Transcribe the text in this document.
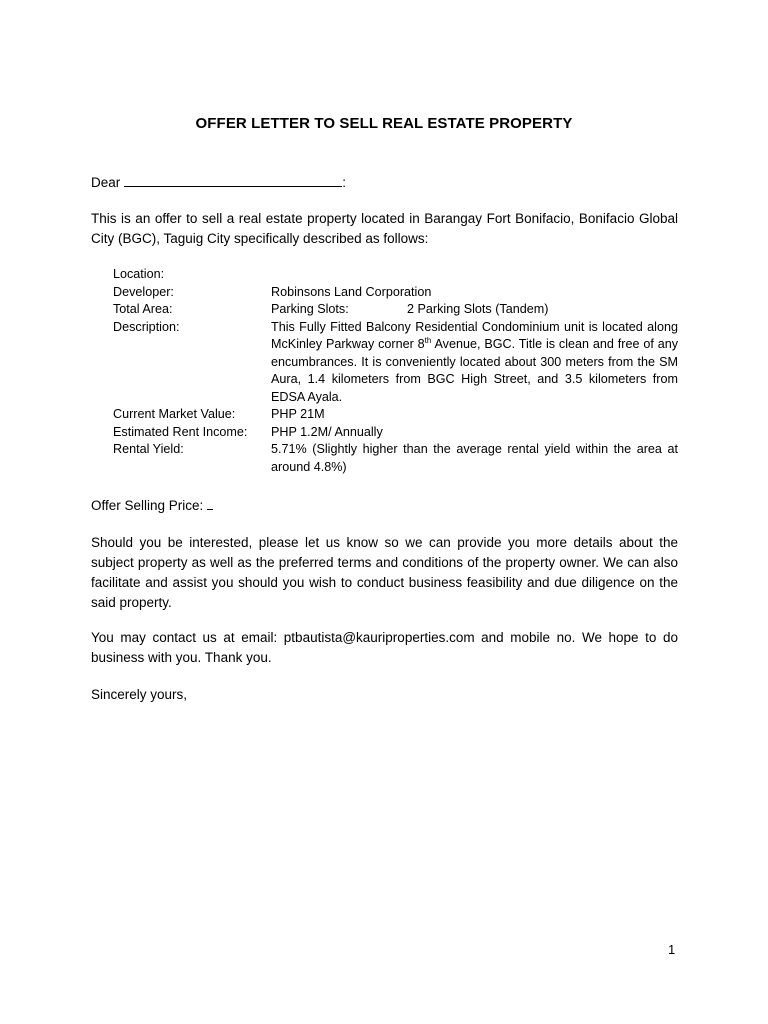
OFFER LETTER TO SELL REAL ESTATE PROPERTY
Dear	:
This is an offer to sell a real estate property located in Barangay Fort Bonifacio, Bonifacio Global City (BGC), Taguig City specifically described as follows:
Location:
Developer:	Robinsons Land Corporation
Total Area:	Parking Slots:	2 Parking Slots (Tandem)
Description:	This Fully Fitted Balcony Residential Condominium unit is located along McKinley Parkway corner 8th Avenue, BGC. Title is clean and free of any encumbrances. It is conveniently located about 300 meters from the SM Aura, 1.4 kilometers from BGC High Street, and 3.5 kilometers from EDSA Ayala.
Current Market Value:	PHP 21M
Estimated Rent Income:	PHP 1.2M/ Annually
Rental Yield:	5.71% (Slightly higher than the average rental yield within the area at around 4.8%)
Offer Selling Price:
Should you be interested, please let us know so we can provide you more details about the subject property as well as the preferred terms and conditions of the property owner. We can also facilitate and assist you should you wish to conduct business feasibility and due diligence on the said property.
You may contact us at email: ptbautista@kauriproperties.com and mobile no. We hope to do business with you. Thank you.
Sincerely yours,
1
